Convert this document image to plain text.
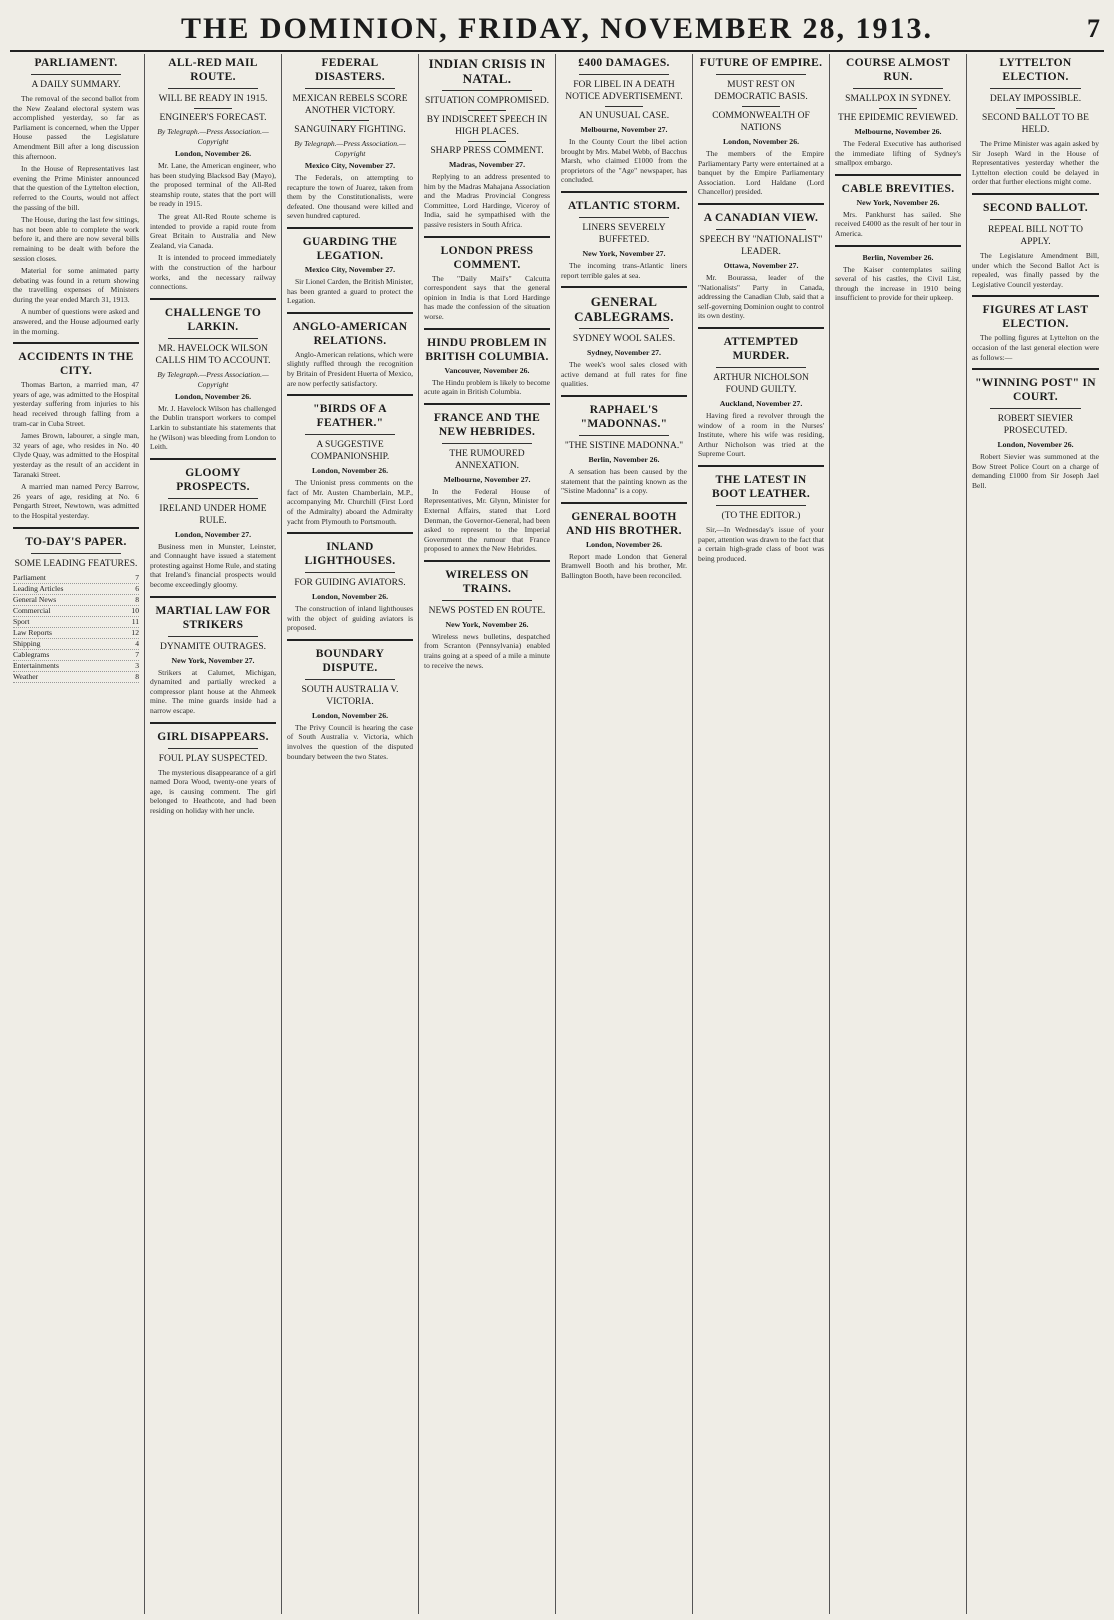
THE DOMINION, FRIDAY, NOVEMBER 28, 1913.	7
PARLIAMENT.
A DAILY SUMMARY.

The removal of the second ballot from the New Zealand electoral system was accomplished yesterday, so far as Parliament is concerned, when the Upper House passed the Legislature Amendment Bill after a long discussion this afternoon.

In the House of Representatives last evening the Prime Minister announced that the question of the Lyttelton election, referred to the Courts, would not affect the passing of the bill.

The House, during the last few sittings, has not been able to complete the work before it, and there are now several bills remaining to be dealt with before the session closes.

Material for some animated party debating was found in a return showing the travelling expenses of Ministers during the year ended March 31, 1913.

A number of questions were asked and answered, and the House adjourned early in the morning.

ACCIDENTS IN THE CITY.

Thomas Barton, a married man, 47 years of age, was admitted to the Hospital yesterday suffering from injuries to his head received through falling from a tram-car in Cuba Street.

James Brown, labourer, a single man, 32 years of age, who resides in No. 40 Clyde Quay, was admitted to the Hospital yesterday as the result of an accident in Taranaki Street.

A married man named Percy Barrow, 26 years of age, residing at No. 6 Pengarth Street, Newtown, was admitted to the Hospital yesterday.

TO-DAY'S PAPER.
SOME LEADING FEATURES.
Parliament	7
Leading Articles	6
General News	8
Commercial	10
Sport	11
Law Reports	12
Shipping	4
Cablegrams	7
Entertainments	3
Weather	8
ALL-RED MAIL ROUTE.
WILL BE READY IN 1915.
ENGINEER'S FORECAST.
By Telegraph.—Press Association.—Copyright
London, November 26.

Mr. Lane, the American engineer, who has been studying Blacksod Bay (Mayo), the proposed terminal of the All-Red steamship route, states that the port will be ready in 1915.

The great All-Red Route scheme is intended to provide a rapid route from Great Britain to Australia and New Zealand, via Canada.

It is intended to proceed immediately with the construction of the harbour works, and the necessary railway connections.

CHALLENGE TO LARKIN.
MR. HAVELOCK WILSON CALLS HIM TO ACCOUNT.
By Telegraph.—Press Association.—Copyright
London, November 26.

Mr. J. Havelock Wilson has challenged the Dublin transport workers to compel Larkin to substantiate his statements that he (Wilson) was bleeding from London to Leith.

GLOOMY PROSPECTS.
IRELAND UNDER HOME RULE.
London, November 27.

Business men in Munster, Leinster, and Connaught have issued a statement protesting against Home Rule, and stating that Ireland's financial prospects would become exceedingly gloomy.

MARTIAL LAW FOR STRIKERS
DYNAMITE OUTRAGES.
New York, November 27.

Strikers at Calumet, Michigan, dynamited and partially wrecked a compressor plant house at the Ahmeek mine. The mine guards inside had a narrow escape.

GIRL DISAPPEARS.
FOUL PLAY SUSPECTED.

The mysterious disappearance of a girl named Dora Wood, twenty-one years of age, is causing comment. The girl belonged to Heathcote, and had been residing on holiday with her uncle.

FEDERAL DISASTERS.
MEXICAN REBELS SCORE ANOTHER VICTORY.
SANGUINARY FIGHTING.
By Telegraph.—Press Association.—Copyright
Mexico City, November 27.

The Federals, on attempting to recapture the town of Juarez, taken from them by the Constitutionalists, were defeated. One thousand were killed and seven hundred captured.

GUARDING THE LEGATION.
Mexico City, November 27.

Sir Lionel Carden, the British Minister, has been granted a guard to protect the Legation.

ANGLO-AMERICAN RELATIONS.

Anglo-American relations, which were slightly ruffled through the recognition by Britain of President Huerta of Mexico, are now perfectly satisfactory.

"BIRDS OF A FEATHER."
A SUGGESTIVE COMPANIONSHIP.
London, November 26.

The Unionist press comments on the fact of Mr. Austen Chamberlain, M.P., accompanying Mr. Churchill (First Lord of the Admiralty) aboard the Admiralty yacht from Plymouth to Portsmouth.

INLAND LIGHTHOUSES.
FOR GUIDING AVIATORS.
London, November 26.

The construction of inland lighthouses with the object of guiding aviators is proposed.

BOUNDARY DISPUTE.
SOUTH AUSTRALIA V. VICTORIA.
London, November 26.

The Privy Council is hearing the case of South Australia v. Victoria, which involves the question of the disputed boundary between the two States.

INDIAN CRISIS IN NATAL.
SITUATION COMPROMISED.
BY INDISCREET SPEECH IN HIGH PLACES.
SHARP PRESS COMMENT.
Madras, November 27.

Replying to an address presented to him by the Madras Mahajana Association and the Madras Provincial Congress Committee, Lord Hardinge, Viceroy of India, said he sympathised with the passive resisters in South Africa.

LONDON PRESS COMMENT.

The "Daily Mail's" Calcutta correspondent says that the general opinion in India is that Lord Hardinge has made the confession of the situation worse.

HINDU PROBLEM IN BRITISH COLUMBIA.
Vancouver, November 26.

The Hindu problem is likely to become acute again in British Columbia.

FRANCE AND THE NEW HEBRIDES.
THE RUMOURED ANNEXATION.
Melbourne, November 27.

In the Federal House of Representatives, Mr. Glynn, Minister for External Affairs, stated that Lord Denman, the Governor-General, had been asked to represent to the Imperial Government the rumour that France proposed to annex the New Hebrides.

WIRELESS ON TRAINS.
NEWS POSTED EN ROUTE.
New York, November 26.

Wireless news bulletins, despatched from Scranton (Pennsylvania) enabled trains going at a speed of a mile a minute to receive the news.

£400 DAMAGES.
FOR LIBEL IN A DEATH NOTICE ADVERTISEMENT.
AN UNUSUAL CASE.
Melbourne, November 27.

In the County Court the libel action brought by Mrs. Mabel Webb, of Bacchus Marsh, who claimed £1000 from the proprietors of the "Age" newspaper, has concluded.

ATLANTIC STORM.
LINERS SEVERELY BUFFETED.
New York, November 27.

The incoming trans-Atlantic liners report terrible gales at sea.

GENERAL CABLEGRAMS.
SYDNEY WOOL SALES.
Sydney, November 27.

The week's wool sales closed with active demand at full rates for fine qualities.

RAPHAEL'S "MADONNAS."
"THE SISTINE MADONNA."
Berlin, November 26.

A sensation has been caused by the statement that the painting known as the "Sistine Madonna" is a copy.

GENERAL BOOTH AND HIS BROTHER.
London, November 26.

Report made London that General Bramwell Booth and his brother, Mr. Ballington Booth, have been reconciled.

FUTURE OF EMPIRE.
MUST REST ON DEMOCRATIC BASIS.
COMMONWEALTH OF NATIONS
London, November 26.

The members of the Empire Parliamentary Party were entertained at a banquet by the Empire Parliamentary Association. Lord Haldane (Lord Chancellor) presided.

A CANADIAN VIEW.
SPEECH BY "NATIONALIST" LEADER.
Ottawa, November 27.

Mr. Bourassa, leader of the "Nationalists" Party in Canada, addressing the Canadian Club, said that a self-governing Dominion ought to control its own destiny.

ATTEMPTED MURDER.
ARTHUR NICHOLSON FOUND GUILTY.
Auckland, November 27.

Having fired a revolver through the window of a room in the Nurses' Institute, where his wife was residing, Arthur Nicholson was tried at the Supreme Court.

THE LATEST IN BOOT LEATHER.
(TO THE EDITOR.)

Sir,—In Wednesday's issue of your paper, attention was drawn to the fact that a certain high-grade class of boot was being produced.

COURSE ALMOST RUN.
SMALLPOX IN SYDNEY.
THE EPIDEMIC REVIEWED.
Melbourne, November 26.

The Federal Executive has authorised the immediate lifting of Sydney's smallpox embargo.

CABLE BREVITIES.
New York, November 26.

Mrs. Pankhurst has sailed. She received £4000 as the result of her tour in America.

Berlin, November 26.

The Kaiser contemplates sailing several of his castles, the Civil List, through the increase in 1910 being insufficient to provide for their upkeep.

LYTTELTON ELECTION.
DELAY IMPOSSIBLE.
SECOND BALLOT TO BE HELD.

The Prime Minister was again asked by Sir Joseph Ward in the House of Representatives yesterday whether the Lyttelton election could be delayed in order that further elections might come.

SECOND BALLOT.
REPEAL BILL NOT TO APPLY.

The Legislature Amendment Bill, under which the Second Ballot Act is repealed, was finally passed by the Legislative Council yesterday.

FIGURES AT LAST ELECTION.

The polling figures at Lyttelton on the occasion of the last general election were as follows:—

"WINNING POST" IN COURT.
ROBERT SIEVIER PROSECUTED.
London, November 26.

Robert Sievier was summoned at the Bow Street Police Court on a charge of demanding £1000 from Sir Joseph Jael Bell.
